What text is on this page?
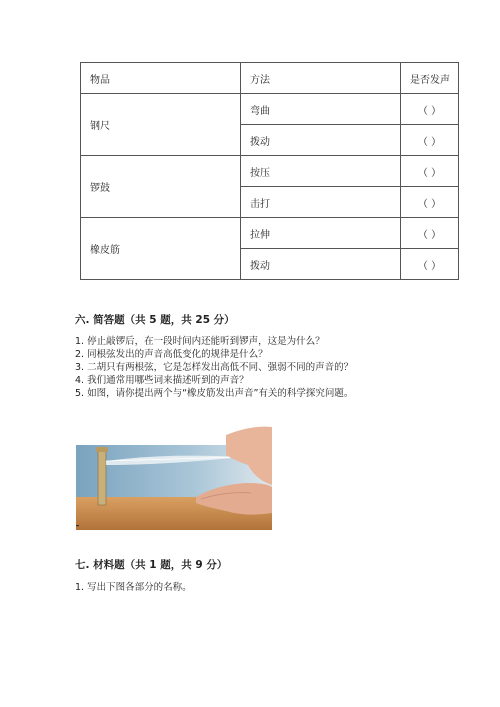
物品	方法	是否发声
钢尺	弯曲	（ ）
	拨动	（ ）
锣鼓	按压	（ ）
	击打	（ ）
橡皮筋	拉伸	（ ）
	拨动	（ ）
六. 简答题（共 5 题，共 25 分）
1. 停止敲锣后，在一段时间内还能听到锣声，这是为什么？
2. 同根弦发出的声音高低变化的规律是什么？
3. 二胡只有两根弦，它是怎样发出高低不同、强弱不同的声音的？
4. 我们通常用哪些词来描述听到的声音？
5. 如图，请你提出两个与“橡皮筋发出声音”有关的科学探究问题。
七. 材料题（共 1 题，共 9 分）
1. 写出下图各部分的名称。
